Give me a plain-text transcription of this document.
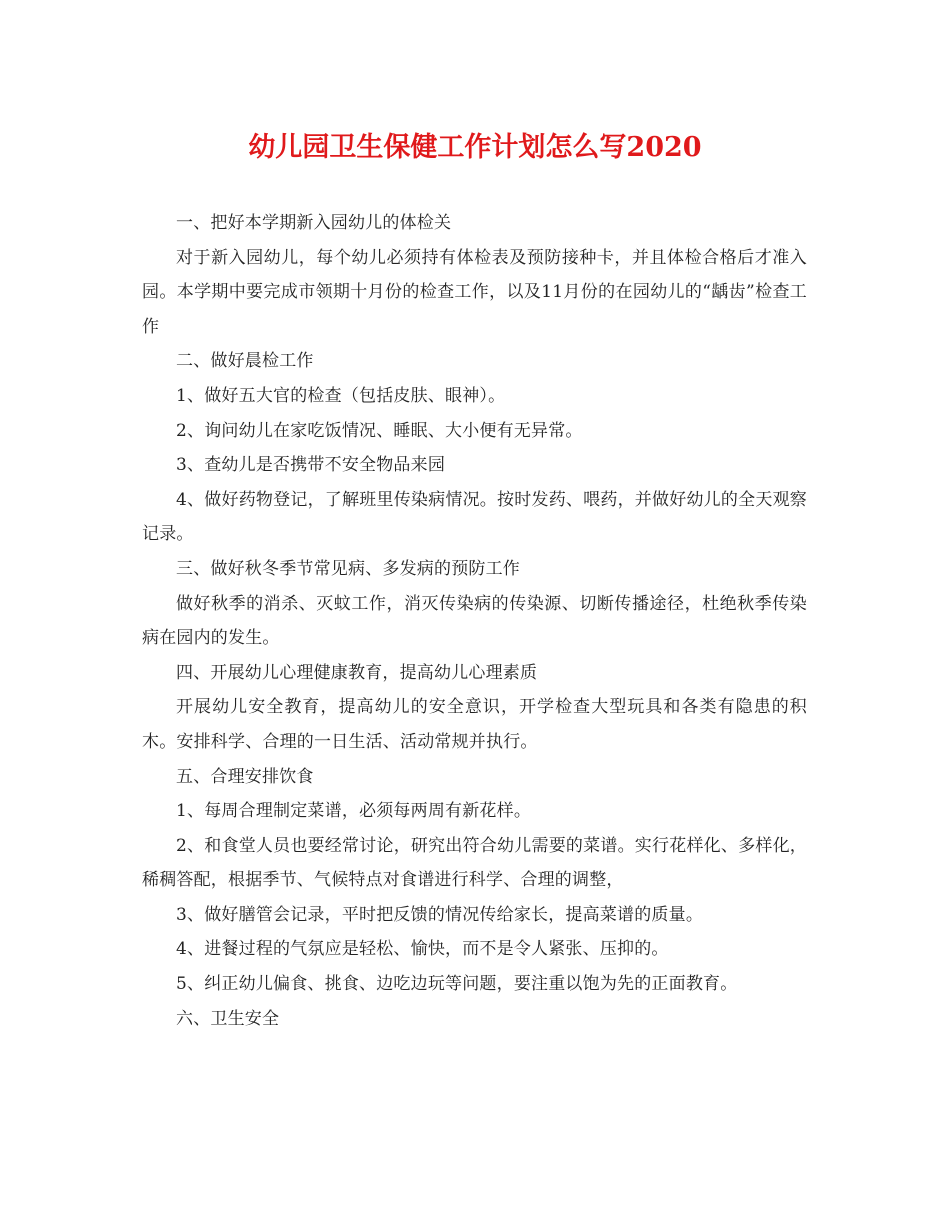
幼儿园卫生保健工作计划怎么写2020

一、把好本学期新入园幼儿的体检关

对于新入园幼儿，每个幼儿必须持有体检表及预防接种卡，并且体检合格后才准入园。本学期中要完成市领期十月份的检查工作，以及11月份的在园幼儿的“龋齿”检查工作

二、做好晨检工作

1、做好五大官的检查（包括皮肤、眼神）。

2、询问幼儿在家吃饭情况、睡眠、大小便有无异常。

3、查幼儿是否携带不安全物品来园

4、做好药物登记，了解班里传染病情况。按时发药、喂药，并做好幼儿的全天观察记录。

三、做好秋冬季节常见病、多发病的预防工作

做好秋季的消杀、灭蚊工作，消灭传染病的传染源、切断传播途径，杜绝秋季传染病在园内的发生。

四、开展幼儿心理健康教育，提高幼儿心理素质

开展幼儿安全教育，提高幼儿的安全意识，开学检查大型玩具和各类有隐患的积木。安排科学、合理的一日生活、活动常规并执行。

五、合理安排饮食

1、每周合理制定菜谱，必须每两周有新花样。

2、和食堂人员也要经常讨论，研究出符合幼儿需要的菜谱。实行花样化、多样化，稀稠答配，根据季节、气候特点对食谱进行科学、合理的调整，

3、做好膳管会记录，平时把反馈的情况传给家长，提高菜谱的质量。

4、进餐过程的气氛应是轻松、愉快，而不是令人紧张、压抑的。

5、纠正幼儿偏食、挑食、边吃边玩等问题，要注重以饱为先的正面教育。

六、卫生安全
